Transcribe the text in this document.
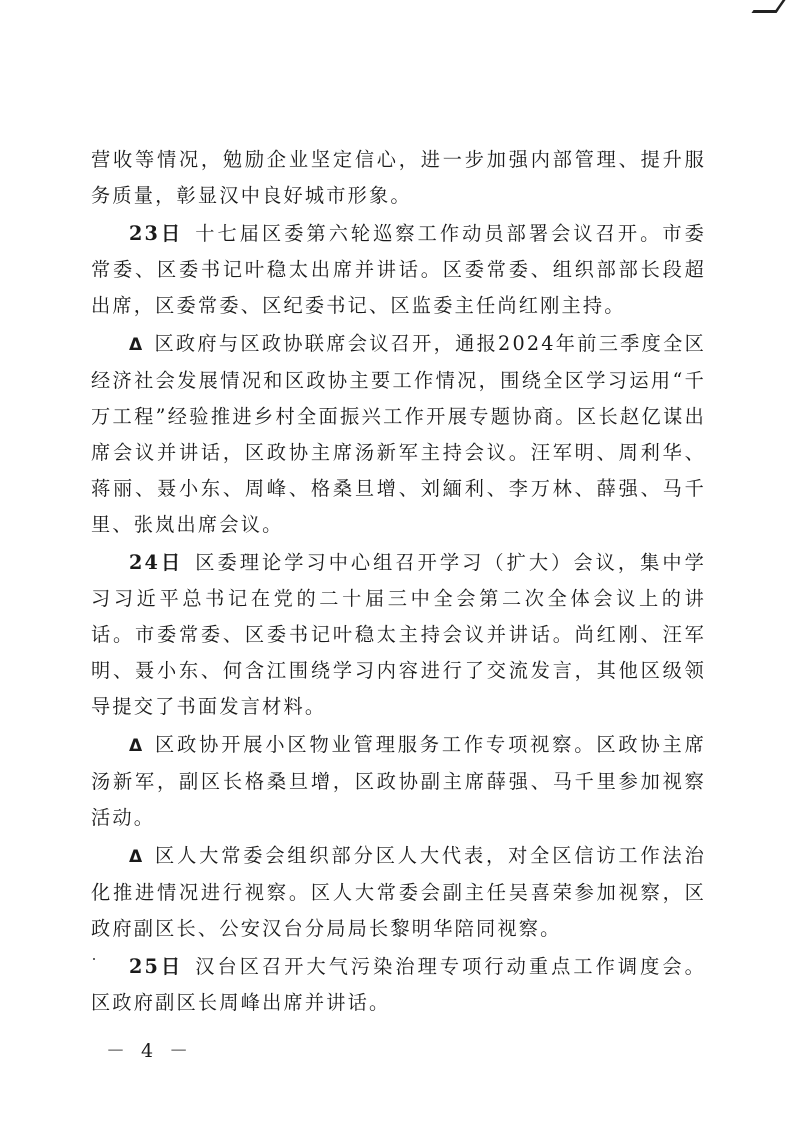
营收等情况，勉励企业坚定信心，进一步加强内部管理、提升服务质量，彰显汉中良好城市形象。

23日 十七届区委第六轮巡察工作动员部署会议召开。市委常委、区委书记叶稳太出席并讲话。区委常委、组织部部长段超出席，区委常委、区纪委书记、区监委主任尚红刚主持。

Δ 区政府与区政协联席会议召开，通报2024年前三季度全区经济社会发展情况和区政协主要工作情况，围绕全区学习运用“千万工程”经验推进乡村全面振兴工作开展专题协商。区长赵亿谋出席会议并讲话，区政协主席汤新军主持会议。汪军明、周利华、蒋丽、聂小东、周峰、格桑旦增、刘緬利、李万林、薛强、马千里、张岚出席会议。

24日 区委理论学习中心组召开学习（扩大）会议，集中学习习近平总书记在党的二十届三中全会第二次全体会议上的讲话。市委常委、区委书记叶稳太主持会议并讲话。尚红刚、汪军明、聂小东、何含江围绕学习内容进行了交流发言，其他区级领导提交了书面发言材料。

Δ 区政协开展小区物业管理服务工作专项视察。区政协主席汤新军，副区长格桑旦增，区政协副主席薛强、马千里参加视察活动。

Δ 区人大常委会组织部分区人大代表，对全区信访工作法治化推进情况进行视察。区人大常委会副主任吴喜荣参加视察，区政府副区长、公安汉台分局局长黎明华陪同视察。

25日 汉台区召开大气污染治理专项行动重点工作调度会。区政府副区长周峰出席并讲话。

－ 4 －
